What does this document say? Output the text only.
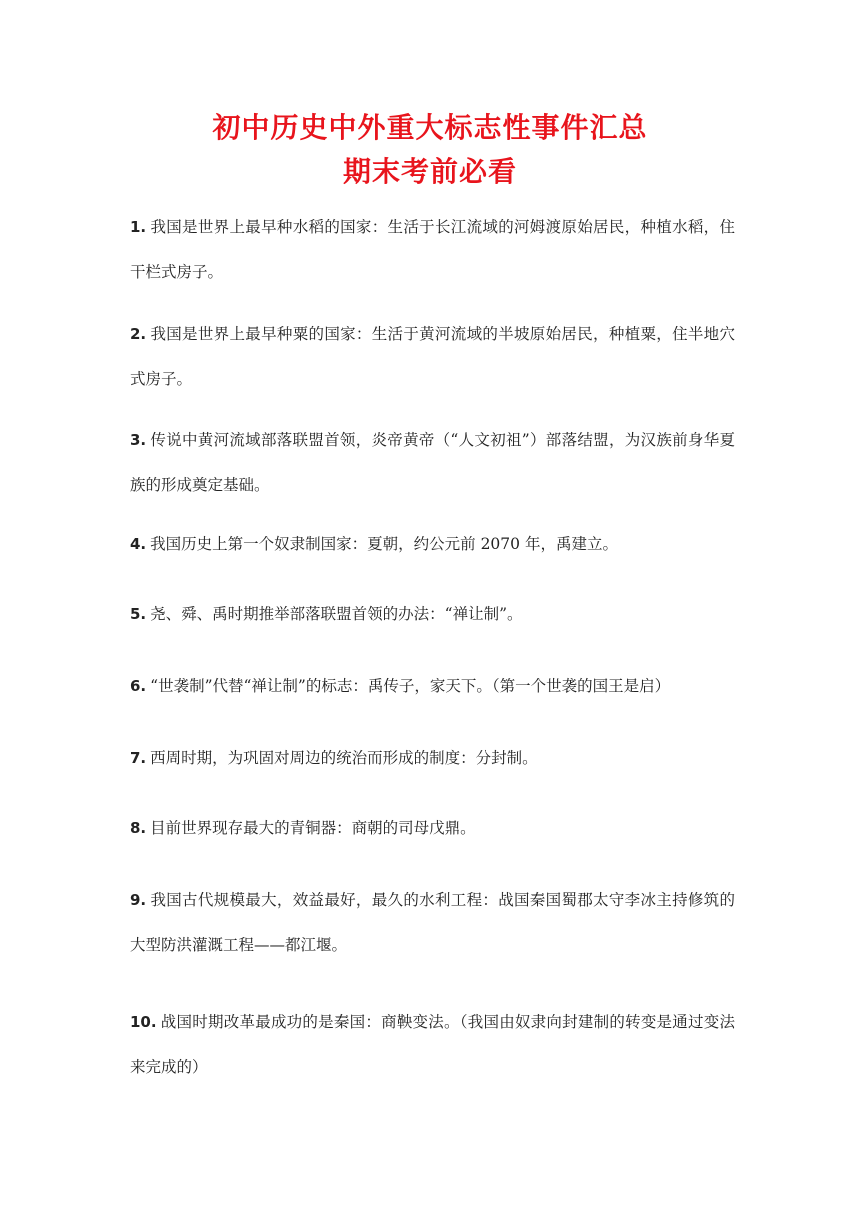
初中历史中外重大标志性事件汇总
期末考前必看

1. 我国是世界上最早种水稻的国家：生活于长江流域的河姆渡原始居民，种植水稻，住干栏式房子。

2. 我国是世界上最早种粟的国家：生活于黄河流域的半坡原始居民，种植粟，住半地穴式房子。

3. 传说中黄河流域部落联盟首领，炎帝黄帝（“人文初祖”）部落结盟，为汉族前身华夏族的形成奠定基础。

4. 我国历史上第一个奴隶制国家：夏朝，约公元前 2070 年，禹建立。

5. 尧、舜、禹时期推举部落联盟首领的办法：“禅让制”。

6. “世袭制”代替“禅让制”的标志：禹传子，家天下。（第一个世袭的国王是启）

7. 西周时期，为巩固对周边的统治而形成的制度：分封制。

8. 目前世界现存最大的青铜器：商朝的司母戊鼎。

9. 我国古代规模最大，效益最好，最久的水利工程：战国秦国蜀郡太守李冰主持修筑的大型防洪灌溉工程——都江堰。

10. 战国时期改革最成功的是秦国：商鞅变法。（我国由奴隶向封建制的转变是通过变法来完成的）
